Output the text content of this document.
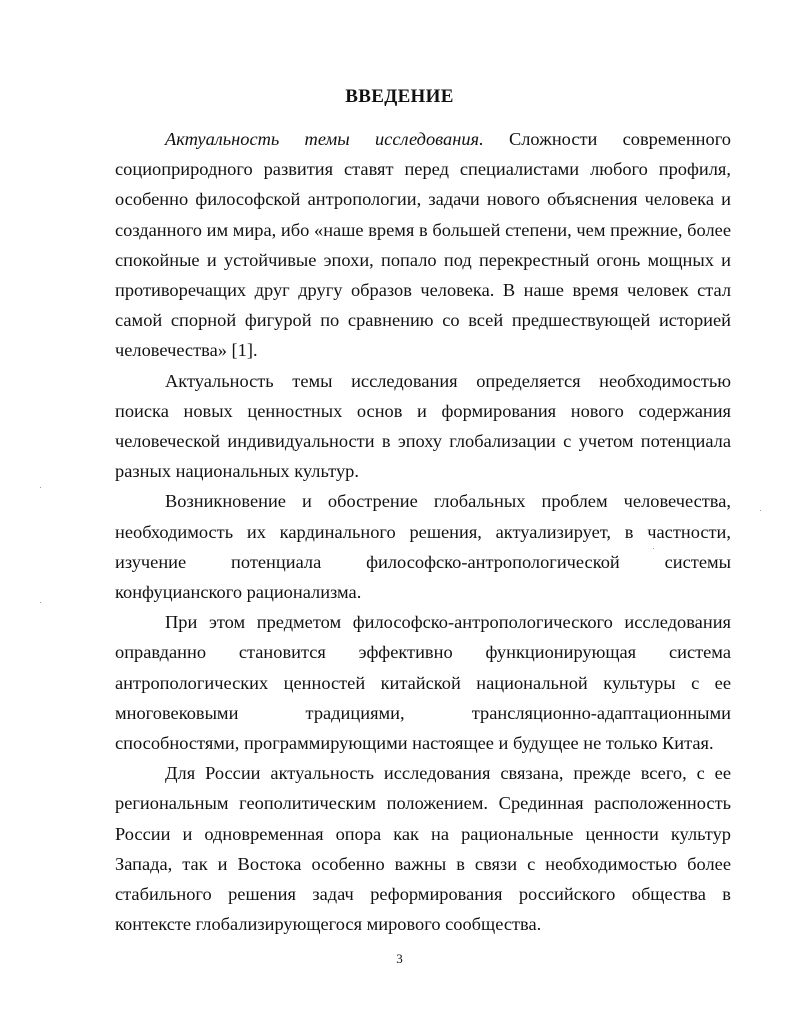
ВВЕДЕНИЕ

Актуальность темы исследования. Сложности современного социоприродного развития ставят перед специалистами любого профиля, особенно философской антропологии, задачи нового объяснения человека и созданного им мира, ибо «наше время в большей степени, чем прежние, более спокойные и устойчивые эпохи, попало под перекрестный огонь мощных и противоречащих друг другу образов человека. В наше время человек стал самой спорной фигурой по сравнению со всей предшествующей историей человечества» [1].

Актуальность темы исследования определяется необходимостью поиска новых ценностных основ и формирования нового содержания человеческой индивидуальности в эпоху глобализации с учетом потенциала разных национальных культур.

Возникновение и обострение глобальных проблем человечества, необходимость их кардинального решения, актуализирует, в частности, изучение потенциала философско-антропологической системы конфуцианского рационализма.

При этом предметом философско-антропологического исследования оправданно становится эффективно функционирующая система антропологических ценностей китайской национальной культуры с ее многовековыми традициями, трансляционно-адаптационными способностями, программирующими настоящее и будущее не только Китая.

Для России актуальность исследования связана, прежде всего, с ее региональным геополитическим положением. Срединная расположенность России и одновременная опора как на рациональные ценности культур Запада, так и Востока особенно важны в связи с необходимостью более стабильного решения задач реформирования российского общества в контексте глобализирующегося мирового сообщества.

3
